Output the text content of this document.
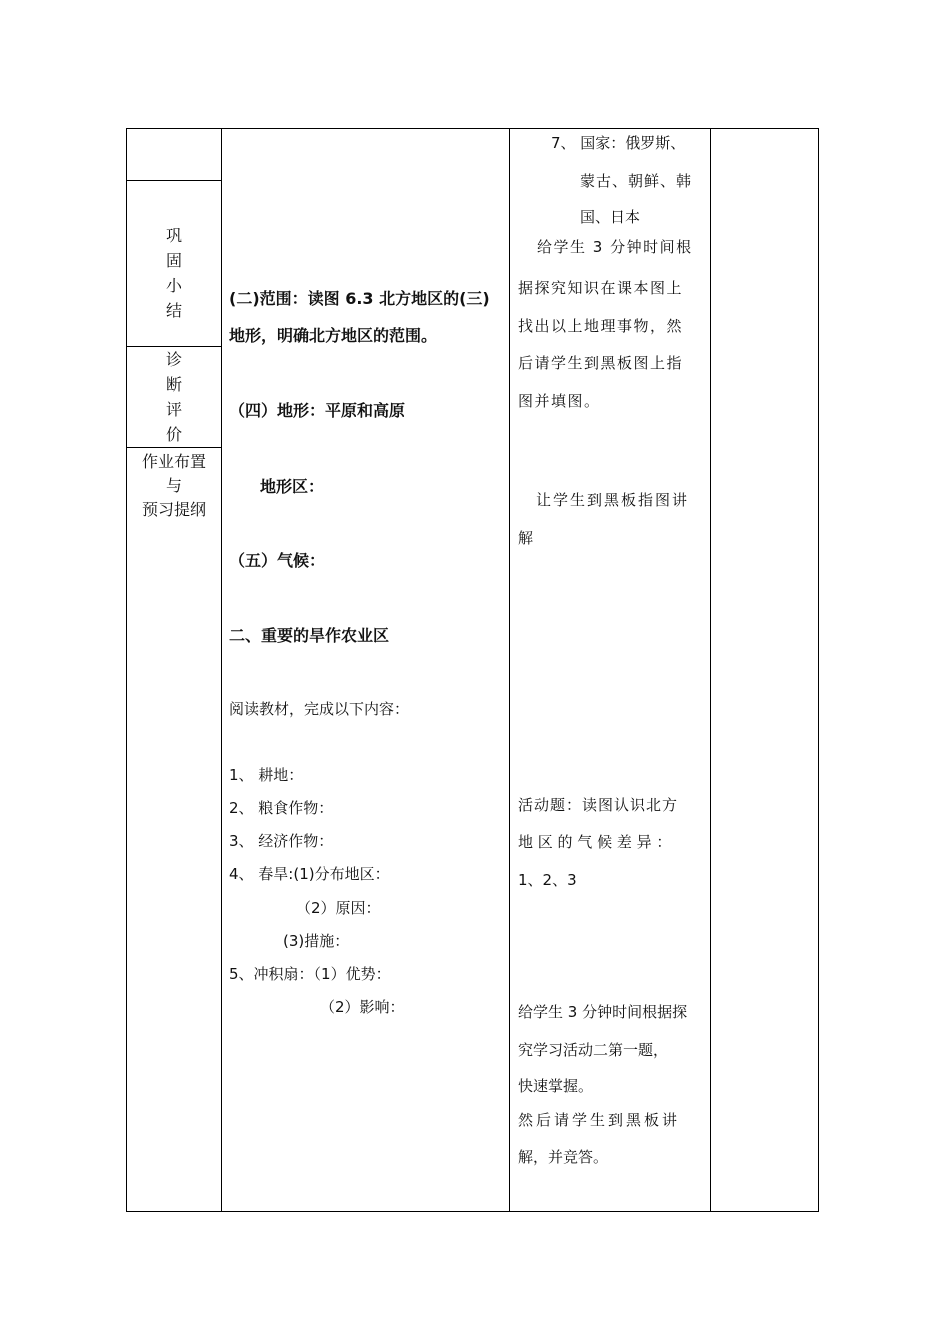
巩
固
小
结
诊
断
评
价
作业布置
与
预习提纲
(二)范围：读图 6.3 北方地区的(三)
地形，明确北方地区的范围。
（四）地形：平原和高原
地形区：
（五）气候：
二、重要的旱作农业区
阅读教材，完成以下内容：
1、 耕地：
2、 粮食作物：
3、 经济作物：
4、 春旱:(1)分布地区：
（2）原因：
(3)措施：
5、冲积扇：（1）优势：
（2）影响：
7、 国家：俄罗斯、
蒙古、朝鲜、韩
国、日本
给学生 3 分钟时间根
据探究知识在课本图上
找出以上地理事物，然
后请学生到黑板图上指
图并填图。
让学生到黑板指图讲
解
活动题：读图认识北方
地 区 的 气 候 差 异 ：
1、2、3
给学生 3 分钟时间根据探
究学习活动二第一题，
快速掌握。
然后请学生到黑板讲
解，并竞答。
